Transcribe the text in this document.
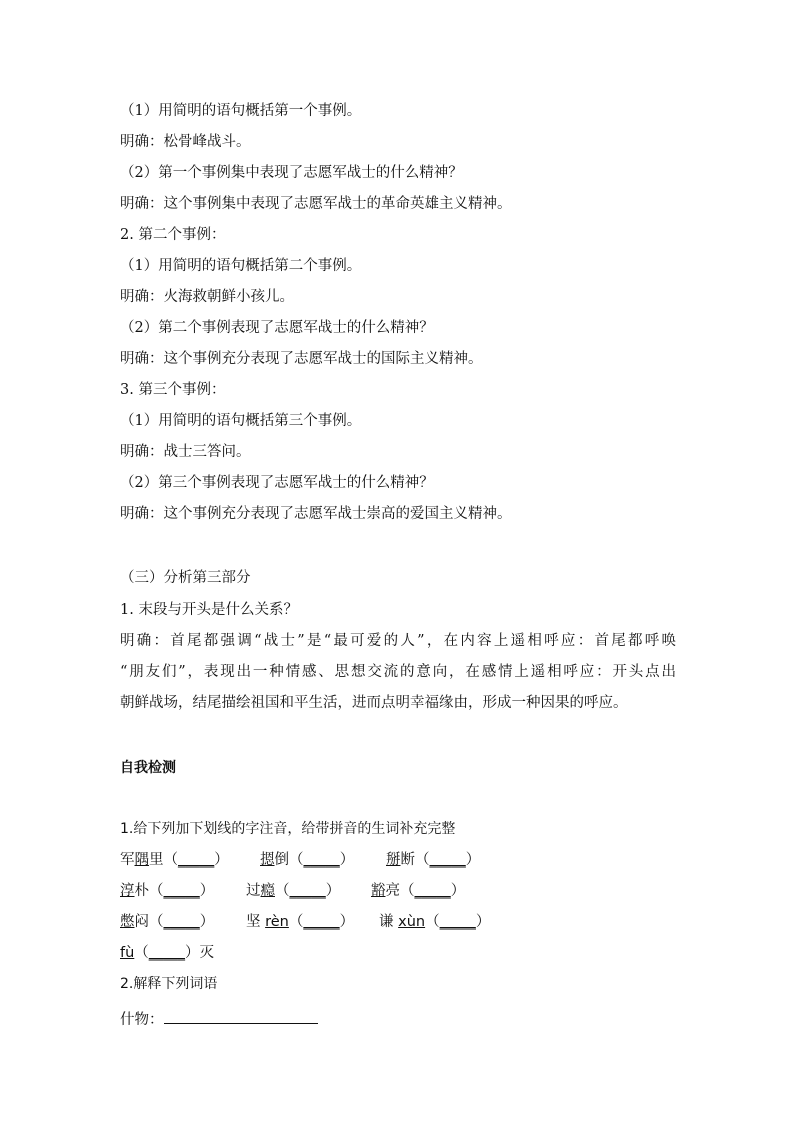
（1）用简明的语句概括第一个事例。
明确：松骨峰战斗。
（2）第一个事例集中表现了志愿军战士的什么精神？
明确：这个事例集中表现了志愿军战士的革命英雄主义精神。
2. 第二个事例：
（1）用简明的语句概括第二个事例。
明确：火海救朝鲜小孩儿。
（2）第二个事例表现了志愿军战士的什么精神？
明确：这个事例充分表现了志愿军战士的国际主义精神。
3. 第三个事例：
（1）用简明的语句概括第三个事例。
明确：战士三答问。
（2）第三个事例表现了志愿军战士的什么精神？
明确：这个事例充分表现了志愿军战士崇高的爱国主义精神。
（三）分析第三部分
1. 末段与开头是什么关系？
明确：首尾都强调“战士”是“最可爱的人”，在内容上遥相呼应：首尾都呼唤
“朋友们”，表现出一种情感、思想交流的意向，在感情上遥相呼应：开头点出
朝鲜战场，结尾描绘祖国和平生活，进而点明幸福缘由，形成一种因果的呼应。
自我检测
1.给下列加下划线的字注音，给带拼音的生词补充完整
军隅里（_____） 摁倒（_____） 掰断（_____）
淳朴（_____） 过瘾（_____） 豁亮（_____）
憋闷（_____） 坚 rèn（_____） 谦 xùn（_____）
fù（_____）灭
2.解释下列词语
什物：
